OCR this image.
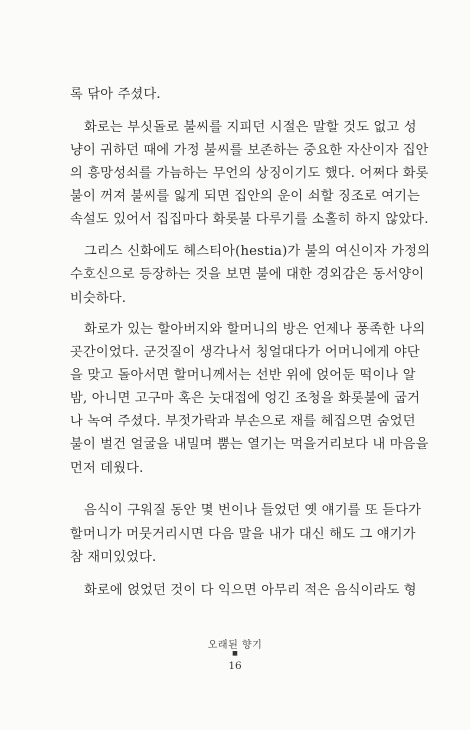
록 닦아 주셨다.
화로는 부싯돌로 불씨를 지피던 시절은 말할 것도 없고 성
냥이 귀하던 때에 가정 불씨를 보존하는 중요한 자산이자 집안
의 흥망성쇠를 가늠하는 무언의 상징이기도 했다. 어쩌다 화롯
불이 꺼져 불씨를 잃게 되면 집안의 운이 쇠할 징조로 여기는
속설도 있어서 집집마다 화롯불 다루기를 소홀히 하지 않았다.
그리스 신화에도 헤스티아(hestia)가 불의 여신이자 가정의
수호신으로 등장하는 것을 보면 불에 대한 경외감은 동서양이
비슷하다.
화로가 있는 할아버지와 할머니의 방은 언제나 풍족한 나의
곳간이었다. 군것질이 생각나서 칭얼대다가 어머니에게 야단
을 맞고 돌아서면 할머니께서는 선반 위에 얹어둔 떡이나 알
밤, 아니면 고구마 혹은 눗대접에 엉긴 조청을 화롯불에 굽거
나 녹여 주셨다. 부젓가락과 부손으로 재를 헤집으면 숨었던
불이 벌건 얼굴을 내밀며 뿜는 열기는 먹을거리보다 내 마음을
먼저 데웠다.
음식이 구워질 동안 몇 번이나 들었던 옛 얘기를 또 듣다가
할머니가 머뭇거리시면 다음 말을 내가 대신 해도 그 얘기가
참 재미있었다.
화로에 얹었던 것이 다 익으면 아무리 적은 음식이라도 형
오래된 향기
■
16
